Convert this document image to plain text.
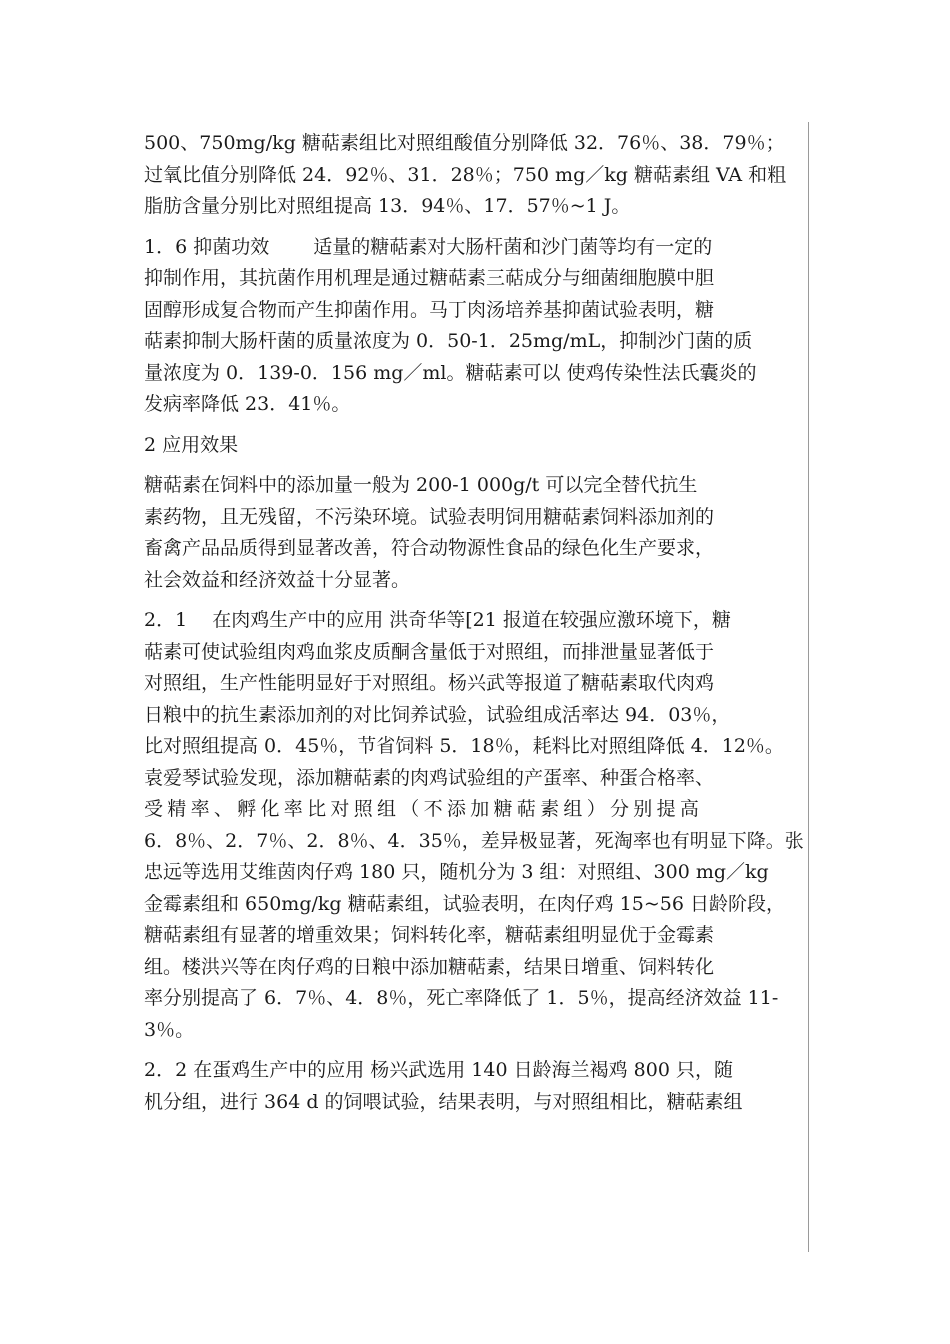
500、750mg/kg 糖萜素组比对照组酸值分别降低 32．76％、38．79％；
过氧比值分别降低 24．92％、31．28％；750 mg／kg 糖萜素组 VA 和粗
脂肪含量分别比对照组提高 13．94％、17．57％~1 J。

1．6 抑菌功效　　 适量的糖萜素对大肠杆菌和沙门菌等均有一定的
抑制作用，其抗菌作用机理是通过糖萜素三萜成分与细菌细胞膜中胆
固醇形成复合物而产生抑菌作用。马丁肉汤培养基抑菌试验表明，糖
萜素抑制大肠杆菌的质量浓度为 0．50-1．25mg/mL，抑制沙门菌的质
量浓度为 0．139-0．156 mg／ml。糖萜素可以 使鸡传染性法氏囊炎的
发病率降低 23．41％。

2 应用效果

糖萜素在饲料中的添加量一般为 200-1 000g/t 可以完全替代抗生
素药物，且无残留，不污染环境。试验表明饲用糖萜素饲料添加剂的
畜禽产品品质得到显著改善，符合动物源性食品的绿色化生产要求，
社会效益和经济效益十分显著。

2．1　 在肉鸡生产中的应用 洪奇华等[21 报道在较强应激环境下，糖
萜素可使试验组肉鸡血浆皮质酮含量低于对照组，而排泄量显著低于
对照组，生产性能明显好于对照组。杨兴武等报道了糖萜素取代肉鸡
日粮中的抗生素添加剂的对比饲养试验，试验组成活率达 94．03％，
比对照组提高 0．45％，节省饲料 5．18％，耗料比对照组降低 4．12％。
袁爱琴试验发现，添加糖萜素的肉鸡试验组的产蛋率、种蛋合格率、
受精率、孵化率比对照组（不添加糖萜素组）分别提高
6．8％、2．7％、2．8％、4．35％，差异极显著，死淘率也有明显下降。张
忠远等选用艾维茵肉仔鸡 180 只，随机分为 3 组：对照组、300 mg／kg
金霉素组和 650mg/kg 糖萜素组，试验表明，在肉仔鸡 15~56 日龄阶段，
糖萜素组有显著的增重效果；饲料转化率，糖萜素组明显优于金霉素
组。楼洪兴等在肉仔鸡的日粮中添加糖萜素，结果日增重、饲料转化
率分别提高了 6．7％、4．8％，死亡率降低了 1．5％，提高经济效益 11-
3％。

2．2 在蛋鸡生产中的应用 杨兴武选用 140 日龄海兰褐鸡 800 只，随
机分组，进行 364 d 的饲喂试验，结果表明，与对照组相比，糖萜素组
